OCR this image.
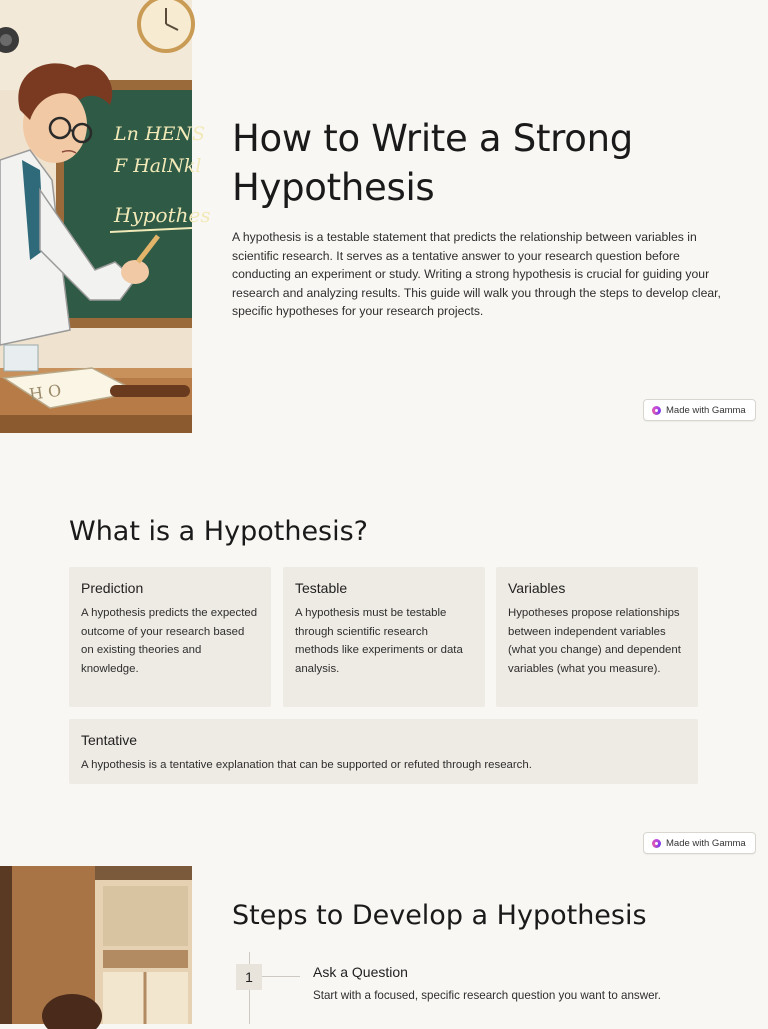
Ln HENS
F HalNkl
Hypothes
H O
How to Write a Strong Hypothesis

A hypothesis is a testable statement that predicts the relationship between variables in scientific research. It serves as a tentative answer to your research question before conducting an experiment or study. Writing a strong hypothesis is crucial for guiding your research and analyzing results. This guide will walk you through the steps to develop clear, specific hypotheses for your research projects.

Made with Gamma
What is a Hypothesis?
Prediction
A hypothesis predicts the expected outcome of your research based on existing theories and knowledge.
Testable
A hypothesis must be testable through scientific research methods like experiments or data analysis.
Variables
Hypotheses propose relationships between independent variables (what you change) and dependent variables (what you measure).
Tentative
A hypothesis is a tentative explanation that can be supported or refuted through research.
Made with Gamma
Steps to Develop a Hypothesis
1	Ask a Question
Start with a focused, specific research question you want to answer.
